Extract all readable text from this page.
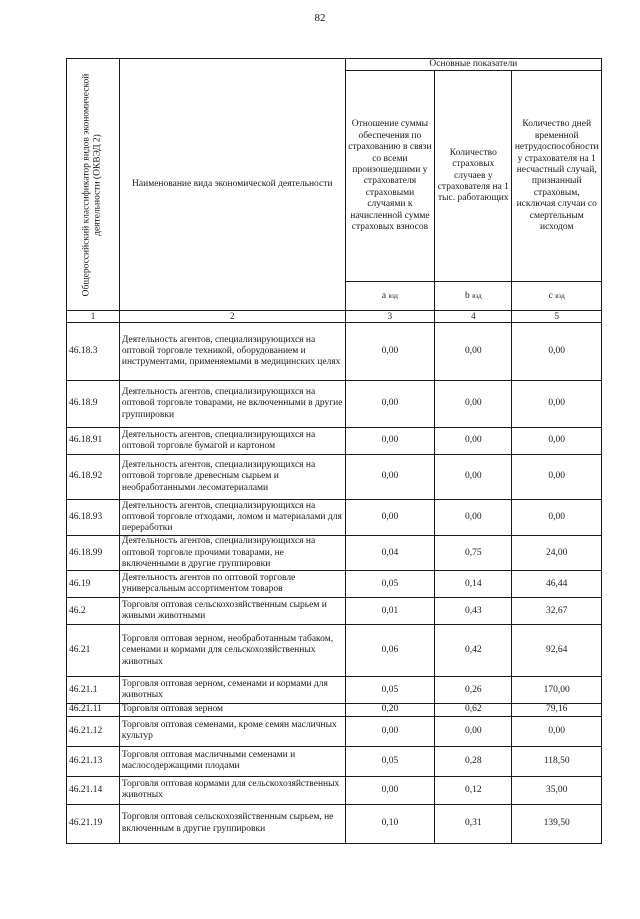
82
Общероссийский классификатор видов экономической деятельности (ОКВЭД 2)	Наименование вида экономической деятельности	Основные показатели		
		Отношение суммы обеспечения по страхованию в связи со всеми произошедшими у страхователя страховыми случаями к начисленной сумме страховых взносов	Количество страховых случаев у страхователя на 1 тыс. работающих	Количество дней временной нетрудоспособности у страхователя на 1 несчастный случай, признанный страховым, исключая случаи со смертельным исходом
		а вэд	b вэд	с вэд
1	2	3	4	5
46.18.3	Деятельность агентов, специализирующихся на оптовой торговле техникой, оборудованием и инструментами, применяемыми в медицинских целях	0,00	0,00	0,00
46.18.9	Деятельность агентов, специализирующихся на оптовой торговле товарами, не включенными в другие группировки	0,00	0,00	0,00
46.18.91	Деятельность агентов, специализирующихся на оптовой торговле бумагой и картоном	0,00	0,00	0,00
46.18.92	Деятельность агентов, специализирующихся на оптовой торговле древесным сырьем и необработанными лесоматериалами	0,00	0,00	0,00
46.18.93	Деятельность агентов, специализирующихся на оптовой торговле отходами, ломом и материалами для переработки	0,00	0,00	0,00
46.18.99	Деятельность агентов, специализирующихся на оптовой торговле прочими товарами, не включенными в другие группировки	0,04	0,75	24,00
46.19	Деятельность агентов по оптовой торговле универсальным ассортиментом товаров	0,05	0,14	46,44
46.2	Торговля оптовая сельскохозяйственным сырьем и живыми животными	0,01	0,43	32,67
46.21	Торговля оптовая зерном, необработанным табаком, семенами и кормами для сельскохозяйственных животных	0,06	0,42	92,64
46.21.1	Торговля оптовая зерном, семенами и кормами для животных	0,05	0,26	170,00
46.21.11	Торговля оптовая зерном	0,20	0,62	79,16
46.21.12	Торговля оптовая семенами, кроме семян масличных культур	0,00	0,00	0,00
46.21.13	Торговля оптовая масличными семенами и маслосодержащими плодами	0,05	0,28	118,50
46.21.14	Торговля оптовая кормами для сельскохозяйственных животных	0,00	0,12	35,00
46.21.19	Торговля оптовая сельскохозяйственным сырьем, не включенным в другие группировки	0,10	0,31	139,50
